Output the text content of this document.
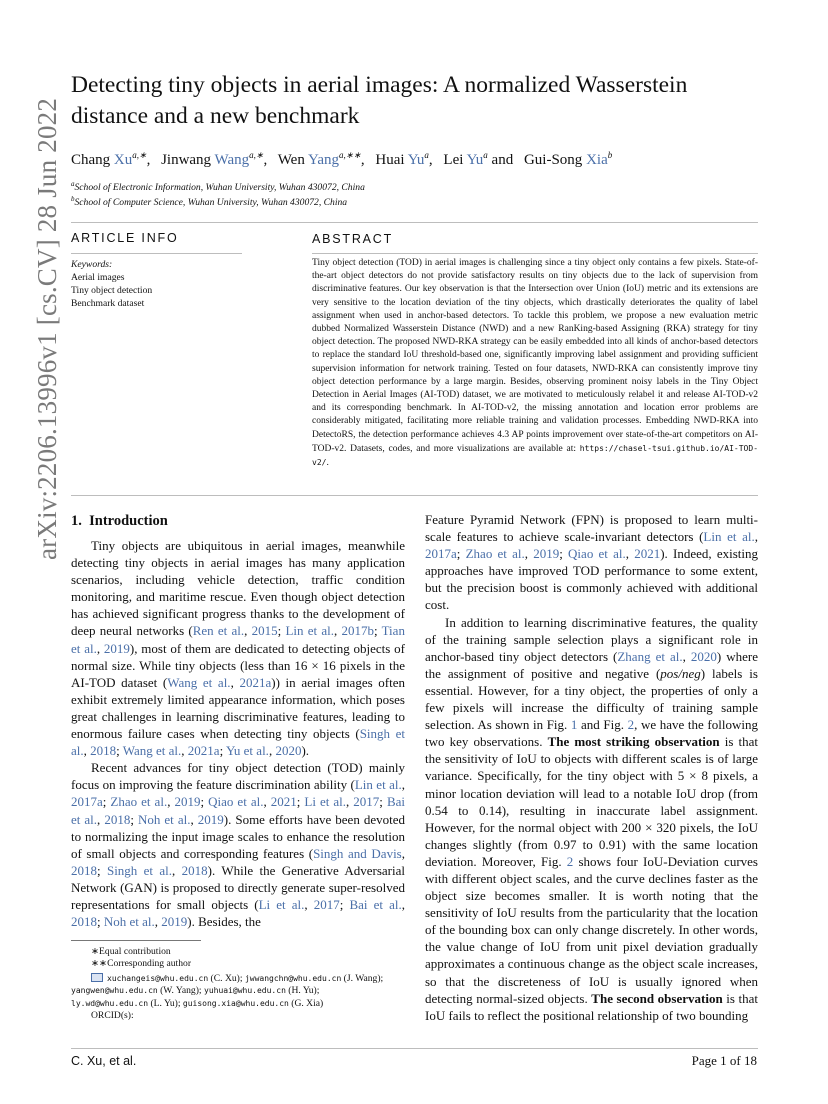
arXiv:2206.13996v1 [cs.CV] 28 Jun 2022
Detecting tiny objects in aerial images: A normalized Wasserstein distance and a new benchmark
Chang $Xu^{a,∗}$, Jinwang Wang$^{a,∗}$, Wen Yang$^{a,∗∗}$, Huai Yu$^a$, Lei Yu$^a$ and Gui-Song Xia$^b$
$^a$School of Electronic Information, Wuhan University, Wuhan 430072, China
$^b$School of Computer Science, Wuhan University, Wuhan 430072, China
ARTICLE INFO
Keywords:
Aerial images
Tiny object detection
Benchmark dataset
ABSTRACT
Tiny object detection (TOD) in aerial images is challenging since a tiny object only contains a few pixels. State-of-the-art object detectors do not provide satisfactory results on tiny objects due to the lack of supervision from discriminative features. Our key observation is that the Intersection over Union (IoU) metric and its extensions are very sensitive to the location deviation of the tiny objects, which drastically deteriorates the quality of label assignment when used in anchor-based detectors. To tackle this problem, we propose a new evaluation metric dubbed Normalized Wasserstein Distance (NWD) and a new RanKing-based Assigning (RKA) strategy for tiny object detection. The proposed NWD-RKA strategy can be easily embedded into all kinds of anchor-based detectors to replace the standard IoU threshold-based one, significantly improving label assignment and providing sufficient supervision information for network training. Tested on four datasets, NWD-RKA can consistently improve tiny object detection performance by a large margin. Besides, observing prominent noisy labels in the Tiny Object Detection in Aerial Images (AI-TOD) dataset, we are motivated to meticulously relabel it and release AI-TOD-v2 and its corresponding benchmark. In AI-TOD-v2, the missing annotation and location error problems are considerably mitigated, facilitating more reliable training and validation processes. Embedding NWD-RKA into DetectoRS, the detection performance achieves 4.3 AP points improvement over state-of-the-art competitors on AI-TOD-v2. Datasets, codes, and more visualizations are available at: https://chasel-tsui.github.io/AI-TOD-v2/.
1. Introduction

Tiny objects are ubiquitous in aerial images, meanwhile detecting tiny objects in aerial images has many application scenarios, including vehicle detection, traffic condition monitoring, and maritime rescue. Even though object detection has achieved significant progress thanks to the development of deep neural networks (Ren et al., 2015; Lin et al., 2017b; Tian et al., 2019), most of them are dedicated to detecting objects of normal size. While tiny objects (less than 16 × 16 pixels in the AI-TOD dataset (Wang et al., 2021a)) in aerial images often exhibit extremely limited appearance information, which poses great challenges in learning discriminative features, leading to enormous failure cases when detecting tiny objects (Singh et al., 2018; Wang et al., 2021a; Yu et al., 2020).

Recent advances for tiny object detection (TOD) mainly focus on improving the feature discrimination ability (Lin et al., 2017a; Zhao et al., 2019; Qiao et al., 2021; Li et al., 2017; Bai et al., 2018; Noh et al., 2019). Some efforts have been devoted to normalizing the input image scales to enhance the resolution of small objects and corresponding features (Singh and Davis, 2018; Singh et al., 2018). While the Generative Adversarial Network (GAN) is proposed to directly generate super-resolved representations for small objects (Li et al., 2017; Bai et al., 2018; Noh et al., 2019). Besides, the

∗Equal contribution
∗∗Corresponding author
xuchangeis@whu.edu.cn (C. Xu); jwwangchn@whu.edu.cn (J. Wang);
yangwen@whu.edu.cn (W. Yang); yuhuai@whu.edu.cn (H. Yu);
ly.wd@whu.edu.cn (L. Yu); guisong.xia@whu.edu.cn (G. Xia)
ORCID(s):

Feature Pyramid Network (FPN) is proposed to learn multi-scale features to achieve scale-invariant detectors (Lin et al., 2017a; Zhao et al., 2019; Qiao et al., 2021). Indeed, existing approaches have improved TOD performance to some extent, but the precision boost is commonly achieved with additional cost.

In addition to learning discriminative features, the quality of the training sample selection plays a significant role in anchor-based tiny object detectors (Zhang et al., 2020) where the assignment of positive and negative (pos/neg) labels is essential. However, for a tiny object, the properties of only a few pixels will increase the difficulty of training sample selection. As shown in Fig. 1 and Fig. 2, we have the following two key observations. The most striking observation is that the sensitivity of IoU to objects with different scales is of large variance. Specifically, for the tiny object with 5 × 8 pixels, a minor location deviation will lead to a notable IoU drop (from 0.54 to 0.14), resulting in inaccurate label assignment. However, for the normal object with 200 × 320 pixels, the IoU changes slightly (from 0.97 to 0.91) with the same location deviation. Moreover, Fig. 2 shows four IoU-Deviation curves with different object scales, and the curve declines faster as the object size becomes smaller. It is worth noting that the sensitivity of IoU results from the particularity that the location of the bounding box can only change discretely. In other words, the value change of IoU from unit pixel deviation gradually approximates a continuous change as the object scale increases, so that the discreteness of IoU is usually ignored when detecting normal-sized objects. The second observation is that IoU fails to reflect the positional relationship of two bounding

C. Xu, et al.	Page 1 of 18
